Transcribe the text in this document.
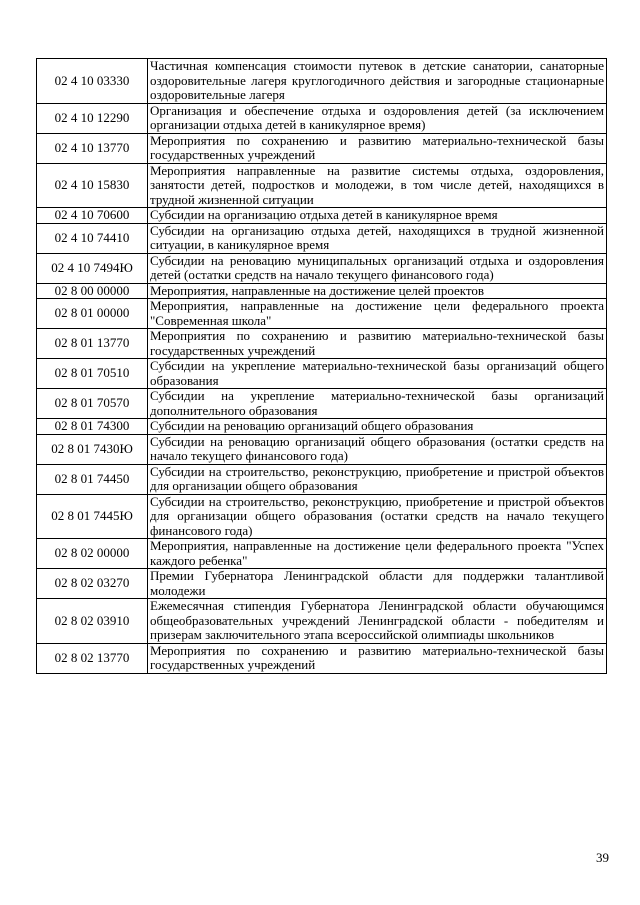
02 4 10 03330	Частичная компенсация стоимости путевок в детские санатории, санаторные оздоровительные лагеря круглогодичного действия и загородные стационарные оздоровительные лагеря
02 4 10 12290	Организация и обеспечение отдыха и оздоровления детей (за исключением организации отдыха детей в каникулярное время)
02 4 10 13770	Мероприятия по сохранению и развитию материально-технической базы государственных учреждений
02 4 10 15830	Мероприятия направленные на развитие системы отдыха, оздоровления, занятости детей, подростков и молодежи, в том числе детей, находящихся в трудной жизненной ситуации
02 4 10 70600	Субсидии на организацию отдыха детей в каникулярное время
02 4 10 74410	Субсидии на организацию отдыха детей, находящихся в трудной жизненной ситуации, в каникулярное время
02 4 10 7494Ю	Субсидии на реновацию муниципальных организаций отдыха и оздоровления детей (остатки средств на начало текущего финансового года)
02 8 00 00000	Мероприятия, направленные на достижение целей проектов
02 8 01 00000	Мероприятия, направленные на достижение цели федерального проекта "Современная школа"
02 8 01 13770	Мероприятия по сохранению и развитию материально-технической базы государственных учреждений
02 8 01 70510	Субсидии на укрепление материально-технической базы организаций общего образования
02 8 01 70570	Субсидии на укрепление материально-технической базы организаций дополнительного образования
02 8 01 74300	Субсидии на реновацию организаций общего образования
02 8 01 7430Ю	Субсидии на реновацию организаций общего образования (остатки средств на начало текущего финансового года)
02 8 01 74450	Субсидии на строительство, реконструкцию, приобретение и пристрой объектов для организации общего образования
02 8 01 7445Ю	Субсидии на строительство, реконструкцию, приобретение и пристрой объектов для организации общего образования (остатки средств на начало текущего финансового года)
02 8 02 00000	Мероприятия, направленные на достижение цели федерального проекта "Успех каждого ребенка"
02 8 02 03270	Премии Губернатора Ленинградской области для поддержки талантливой молодежи
02 8 02 03910	Ежемесячная стипендия Губернатора Ленинградской области обучающимся общеобразовательных учреждений Ленинградской области - победителям и призерам заключительного этапа всероссийской олимпиады школьников
02 8 02 13770	Мероприятия по сохранению и развитию материально-технической базы государственных учреждений
39
